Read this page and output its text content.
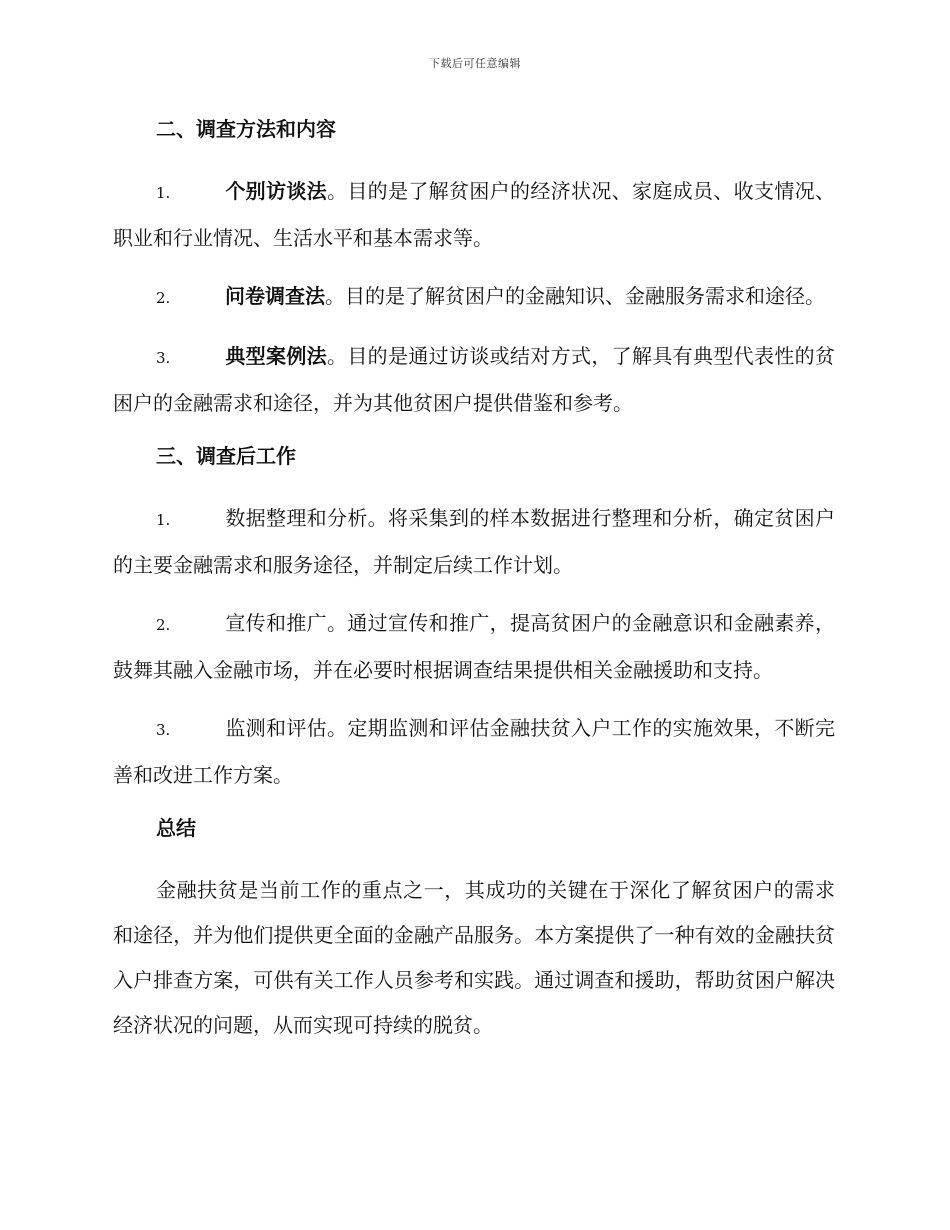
下载后可任意编辑
二、调查方法和内容

1.	个别访谈法。目的是了解贫困户的经济状况、家庭成员、收支情况、职业和行业情况、生活水平和基本需求等。

2.	问卷调查法。目的是了解贫困户的金融知识、金融服务需求和途径。

3.	典型案例法。目的是通过访谈或结对方式，了解具有典型代表性的贫困户的金融需求和途径，并为其他贫困户提供借鉴和参考。

三、调查后工作

1.	数据整理和分析。将采集到的样本数据进行整理和分析，确定贫困户的主要金融需求和服务途径，并制定后续工作计划。

2.	宣传和推广。通过宣传和推广，提高贫困户的金融意识和金融素养，鼓舞其融入金融市场，并在必要时根据调查结果提供相关金融援助和支持。

3.	监测和评估。定期监测和评估金融扶贫入户工作的实施效果，不断完善和改进工作方案。

总结

金融扶贫是当前工作的重点之一，其成功的关键在于深化了解贫困户的需求和途径，并为他们提供更全面的金融产品服务。本方案提供了一种有效的金融扶贫入户排查方案，可供有关工作人员参考和实践。通过调查和援助，帮助贫困户解决经济状况的问题，从而实现可持续的脱贫。
